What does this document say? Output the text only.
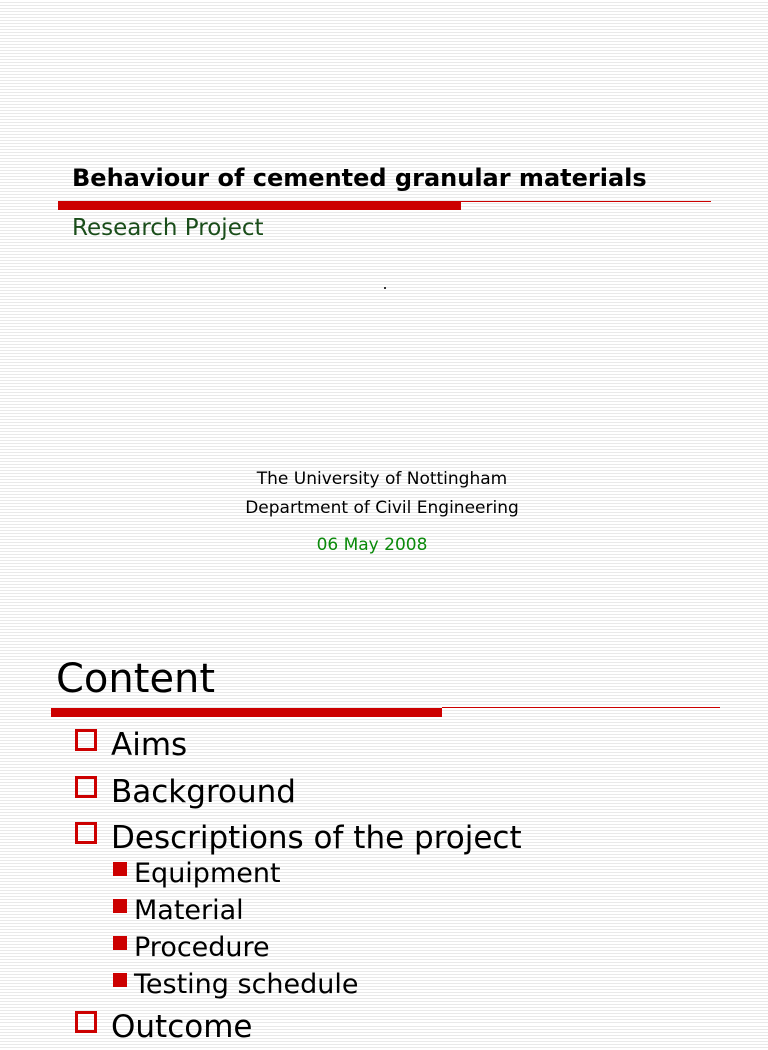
Behaviour of cemented granular materials

Research Project

The University of Nottingham

Department of Civil Engineering

06 May 2008

Content
Aims
Background
Descriptions of the project
Equipment
Material
Procedure
Testing schedule
Outcome
